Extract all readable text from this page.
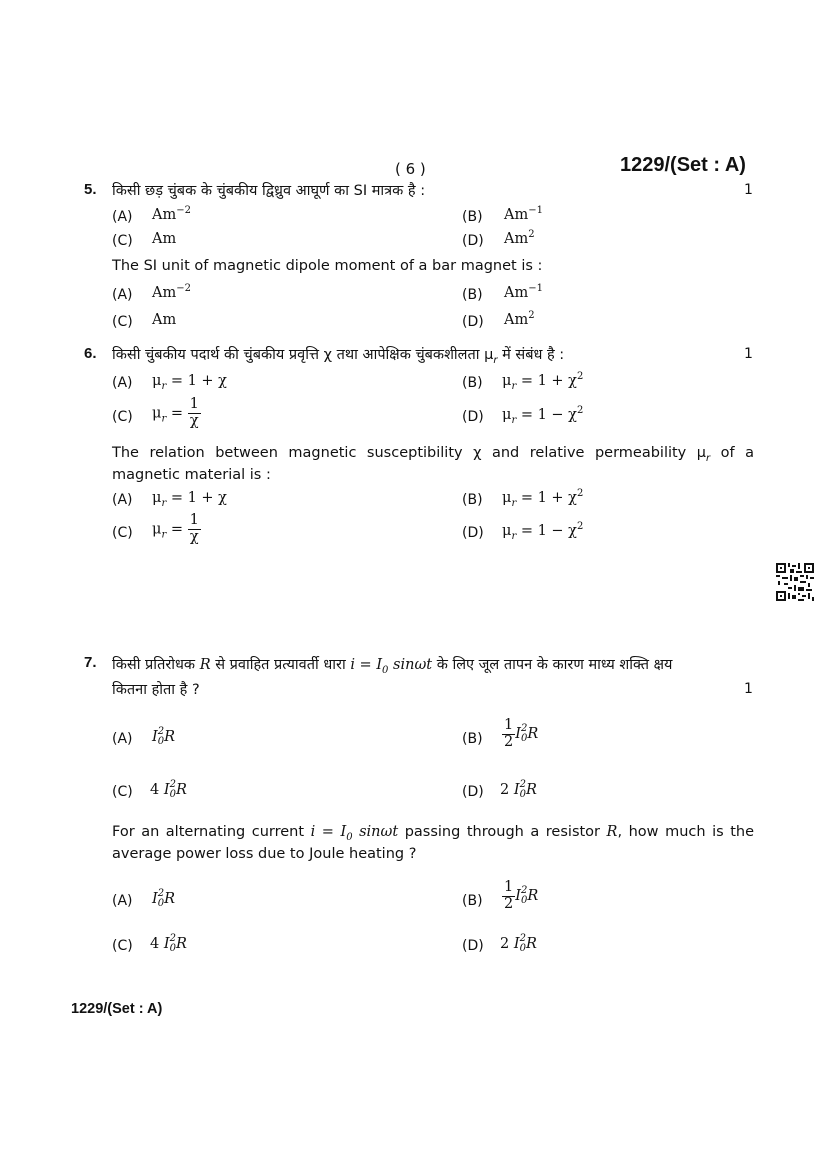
( 6 )	1229/(Set : A)
5. किसी छड़ चुंबक के चुंबकीय द्विध्रुव आघूर्ण का SI मात्रक है :	1
(A) $Am^{-2}$	(B) $Am^{-1}$
(C) Am	(D) Am$^2$
The SI unit of magnetic dipole moment of a bar magnet is :
(A) $Am^{-2}$	(B) $Am^{-1}$
(C) Am	(D) Am$^2$
6. किसी चुंबकीय पदार्थ की चुंबकीय प्रवृत्ति χ तथा आपेक्षिक चुंबकशीलता $\mu_r$ में संबंध है :	1
(A) $\mu_r = 1 + \chi$	(B) $\mu_r = 1 + \chi^2$
(C) $\mu_r = \frac{1}{\chi}$	(D) $\mu_r = 1 - \chi^2$
The relation between magnetic susceptibility χ and relative permeability $\mu_r$ of a magnetic material is :
(A) $\mu_r = 1 + \chi$	(B) $\mu_r = 1 + \chi^2$
(C) $\mu_r = \frac{1}{\chi}$	(D) $\mu_r = 1 - \chi^2$
7. किसी प्रतिरोधक R से प्रवाहित प्रत्यावर्ती धारा $i = I_0$ sinωt के लिए जूल तापन के कारण माध्य शक्ति क्षय
कितना होता है ?	1
(A) I 2
0 R	$(B) \frac{1}{2}$ I 2
0 R
(C) 4 I 2
0 R	(D) 2 I 2
0 R
For an alternating current $i = I_0$ sinωt passing through a resistor R, how much is the average power loss due to Joule heating ?
(A) I 2
0 R	$(B) \frac{1}{2}$ I 2
0 R
(C) 4 I 2
0 R	(D) 2 I 2
0 R
1229/(Set : A)
